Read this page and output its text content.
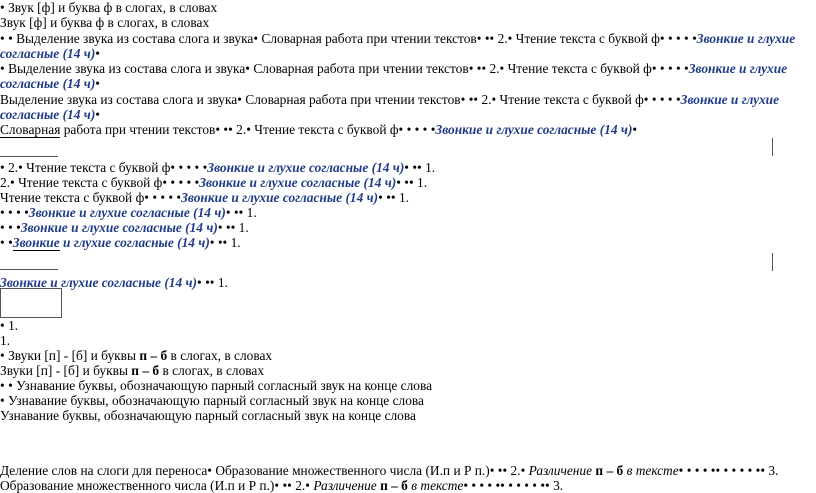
• Звук [ф] и буква ф в слогах, в словах
Звук [ф] и буква ф в слогах, в словах
• • Выделение звука из состава слога и звука• Словарная работа при чтении текстов• •• 2.• Чтение текста с буквой ф• • • • •Звонкие и глухие
согласные (14 ч)•
• Выделение звука из состава слога и звука• Словарная работа при чтении текстов• •• 2.• Чтение текста с буквой ф• • • • •Звонкие и глухие
согласные (14 ч)•
Выделение звука из состава слога и звука• Словарная работа при чтении текстов• •• 2.• Чтение текста с буквой ф• • • • •Звонкие и глухие
согласные (14 ч)•
Словарная работа при чтении текстов• •• 2.• Чтение текста с буквой ф• • • • •Звонкие и глухие согласные (14 ч)•
• 2.• Чтение текста с буквой ф• • • • •Звонкие и глухие согласные (14 ч)• •• 1.
2.• Чтение текста с буквой ф• • • • •Звонкие и глухие согласные (14 ч)• •• 1.
Чтение текста с буквой ф• • • • •Звонкие и глухие согласные (14 ч)• •• 1.
• • • •Звонкие и глухие согласные (14 ч)• •• 1.
• • •Звонкие и глухие согласные (14 ч)• •• 1.
• •Звонкие и глухие согласные (14 ч)• •• 1.
Звонкие и глухие согласные (14 ч)• •• 1.
• 1.
1.
• Звуки [п] - [б] и буквы п – б в слогах, в словах
Звуки [п] - [б] и буквы п – б в слогах, в словах
• • Узнавание буквы, обозначающую парный согласный звук на конце слова
• Узнавание буквы, обозначающую парный согласный звук на конце слова
Узнавание буквы, обозначающую парный согласный звук на конце слова
Деление слов на слоги для переноса• Образование множественного числа (И.п и Р п.)• •• 2.• Различение п – б в тексте• • • • •• • • • • •• 3.
Образование множественного числа (И.п и Р п.)• •• 2.• Различение п – б в тексте• • • • •• • • • • •• 3.
